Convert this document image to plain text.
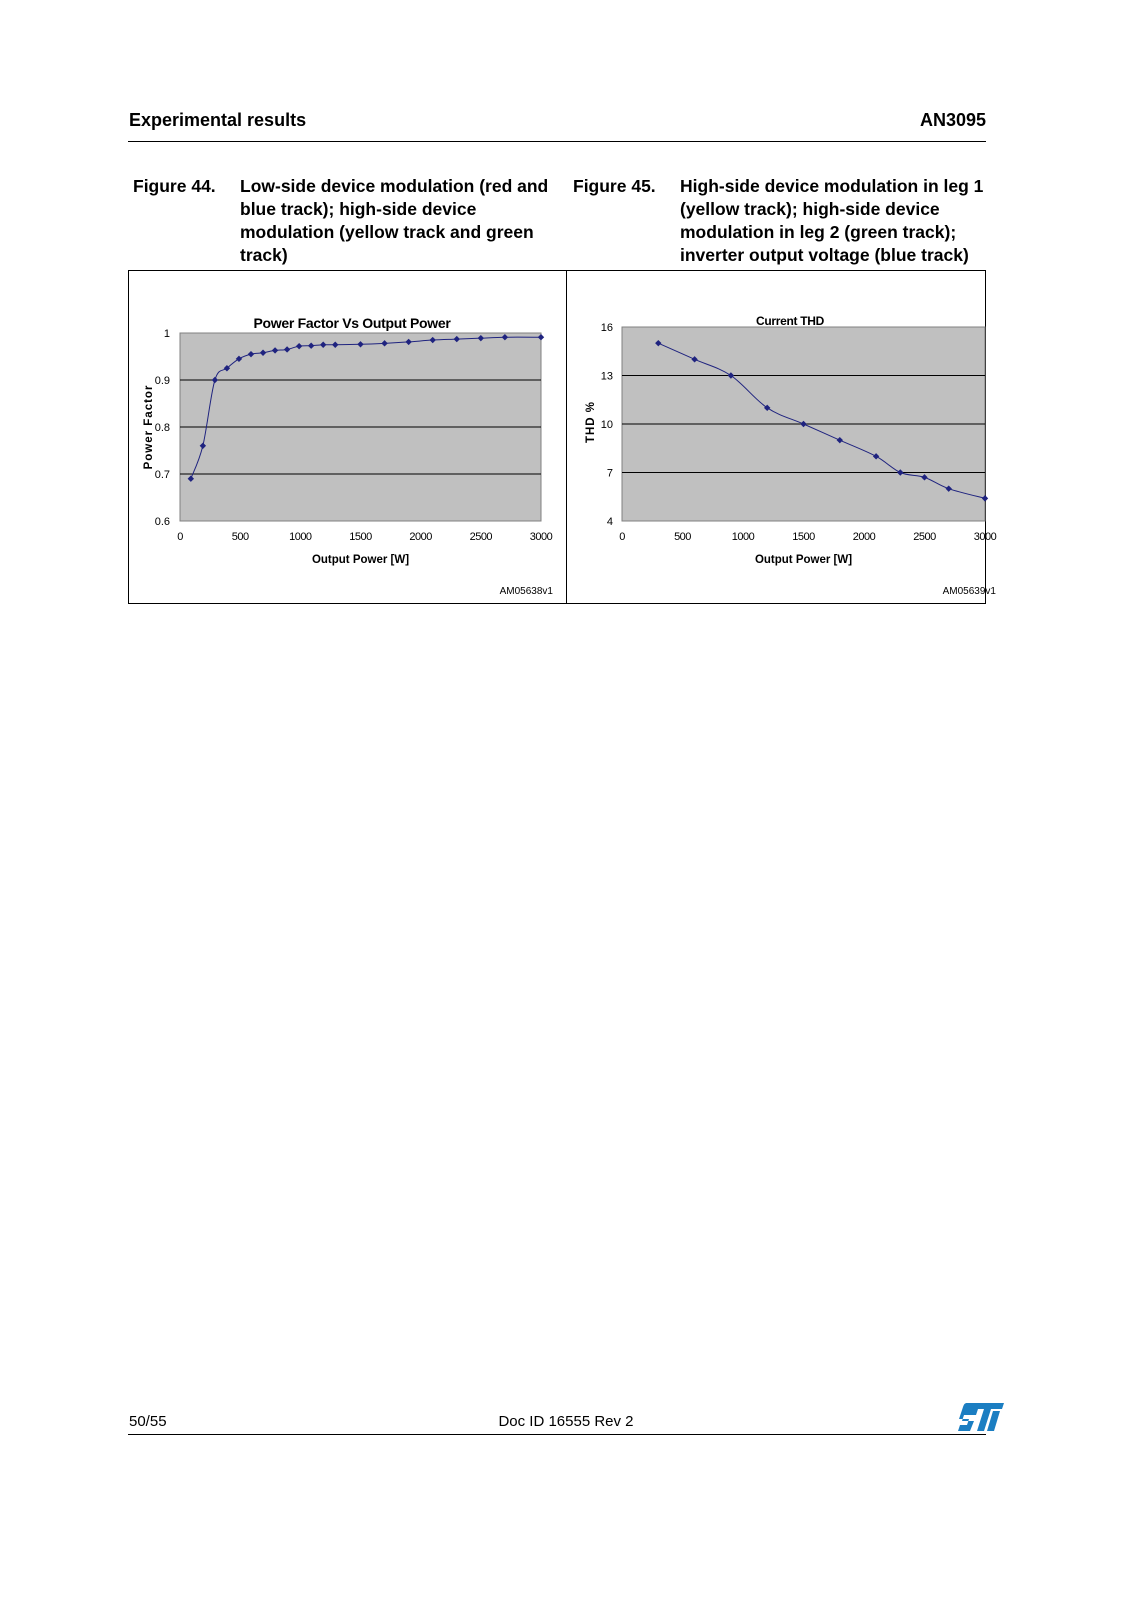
Experimental results	AN3095
Figure 44. Low-side device modulation (red and blue track); high-side device modulation (yellow track and green track)
Figure 45. High-side device modulation in leg 1 (yellow track); high-side device modulation in leg 2 (green track); inverter output voltage (blue track)
0.6
0.7
0.8
0.9
1
0	500	1000	1500	2000	2500	3000
Power Factor Vs Output Power
Output Power [W]
Power Factor
AM05638v1
4
7
10
13
16
0	500	1000	1500	2000	2500	3000
Current THD
Output Power [W]
THD %
AM05639v1
50/55	Doc ID 16555 Rev 2
